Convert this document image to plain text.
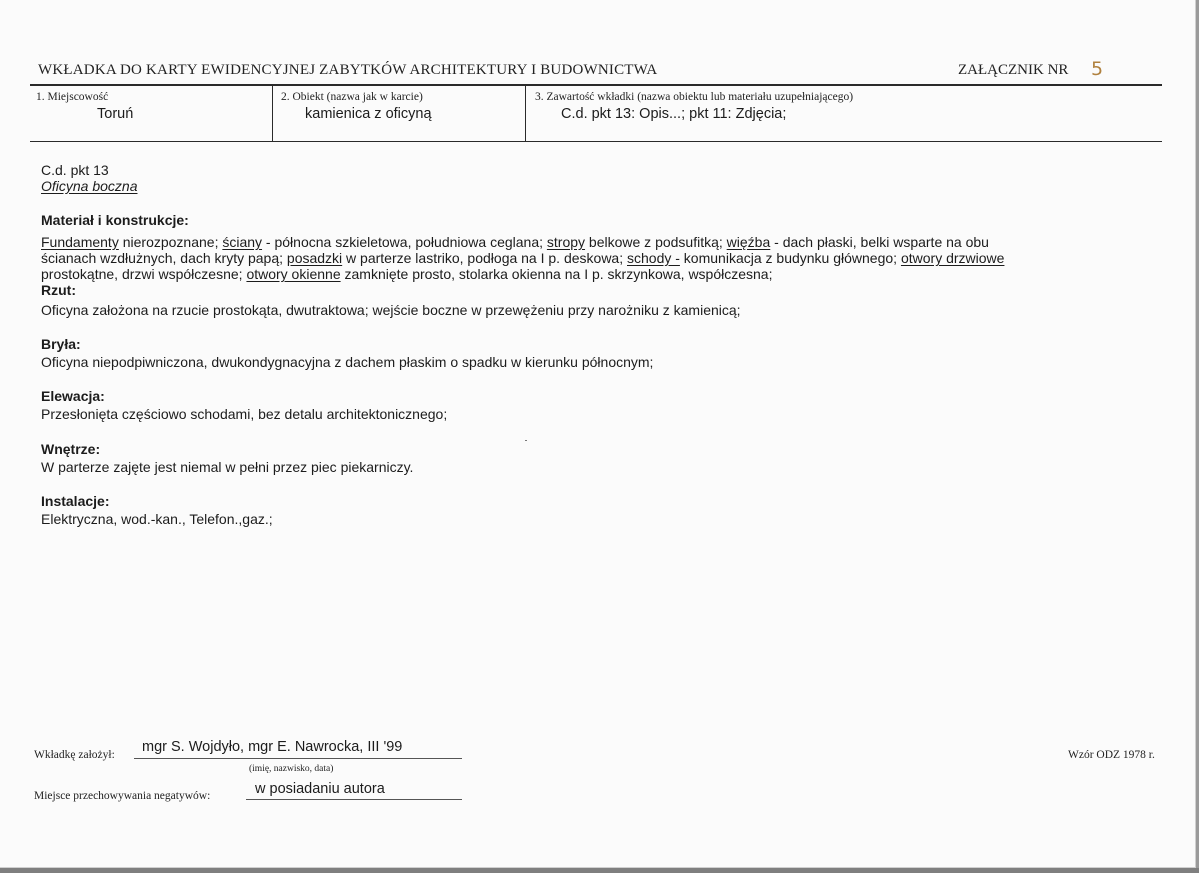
WKŁADKA DO KARTY EWIDENCYJNEJ ZABYTKÓW ARCHITEKTURY I BUDOWNICTWA	ZAŁĄCZNIK NR 5
1. Miejscowość
Toruń
2. Obiekt (nazwa jak w karcie)
kamienica z oficyną
3. Zawartość wkładki (nazwa obiektu lub materiału uzupełniającego)
C.d. pkt 13: Opis...; pkt 11: Zdjęcia;
C.d. pkt 13
Oficyna boczna
Materiał i konstrukcje:
Fundamenty nierozpoznane; ściany - północna szkieletowa, południowa ceglana; stropy belkowe z podsufitką; więźba - dach płaski, belki wsparte na obu
ścianach wzdłużnych, dach kryty papą; posadzki w parterze lastriko, podłoga na I p. deskowa; schody - komunikacja z budynku głównego; otwory drzwiowe
prostokątne, drzwi współczesne; otwory okienne zamknięte prosto, stolarka okienna na I p. skrzynkowa, współczesna;
Rzut:
Oficyna założona na rzucie prostokąta, dwutraktowa; wejście boczne w przewężeniu przy narożniku z kamienicą;
Bryła:
Oficyna niepodpiwniczona, dwukondygnacyjna z dachem płaskim o spadku w kierunku północnym;
Elewacja:
Przesłonięta częściowo schodami, bez detalu architektonicznego;
Wnętrze:
W parterze zajęte jest niemal w pełni przez piec piekarniczy.
Instalacje:
Elektryczna, wod.-kan., Telefon.,gaz.;
Wkładkę założył: mgr S. Wojdyło, mgr E. Nawrocka, III '99
(imię, nazwisko, data)
Miejsce przechowywania negatywów:	w posiadaniu autora
Wzór ODZ 1978 r.
